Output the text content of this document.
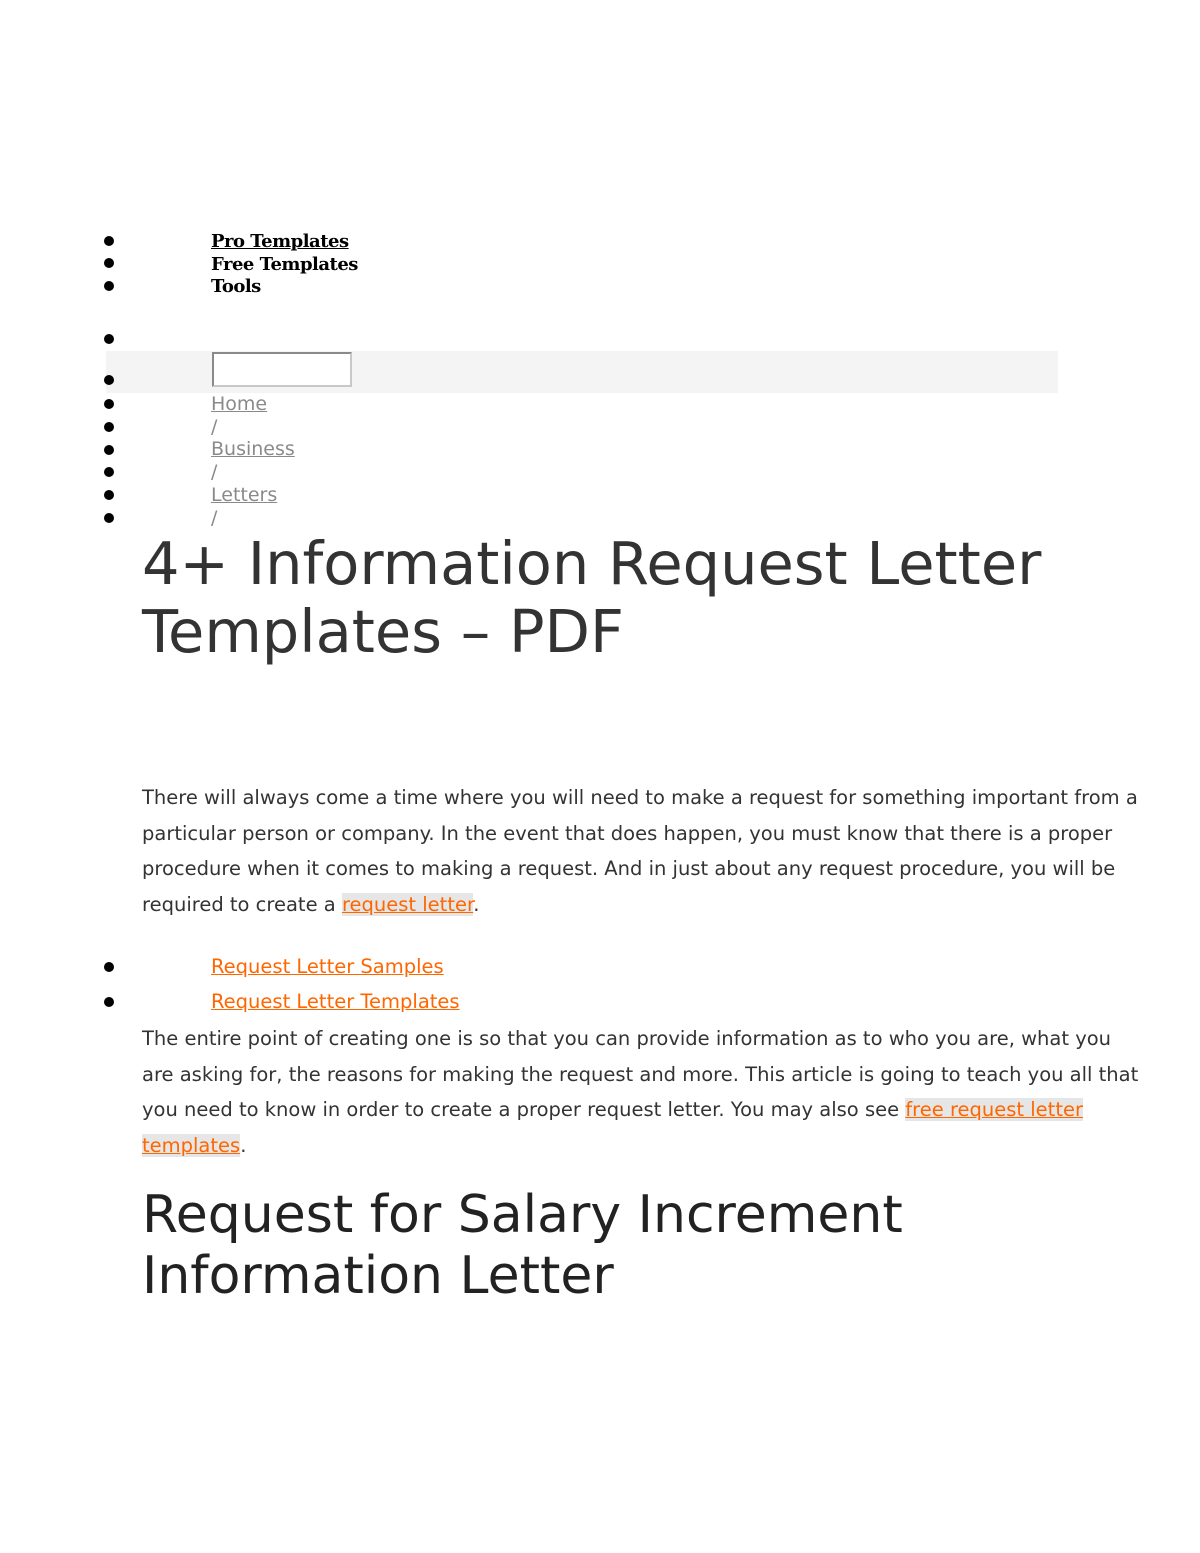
Pro Templates
Free Templates
Tools
Home
/
Business
/
Letters
/
4+ Information Request Letter Templates – PDF

There will always come a time where you will need to make a request for something important from a particular person or company. In the event that does happen, you must know that there is a proper procedure when it comes to making a request. And in just about any request procedure, you will be required to create a request letter.

Request Letter Samples
Request Letter Templates

The entire point of creating one is so that you can provide information as to who you are, what you are asking for, the reasons for making the request and more. This article is going to teach you all that you need to know in order to create a proper request letter. You may also see free request letter templates.

Request for Salary Increment Information Letter
